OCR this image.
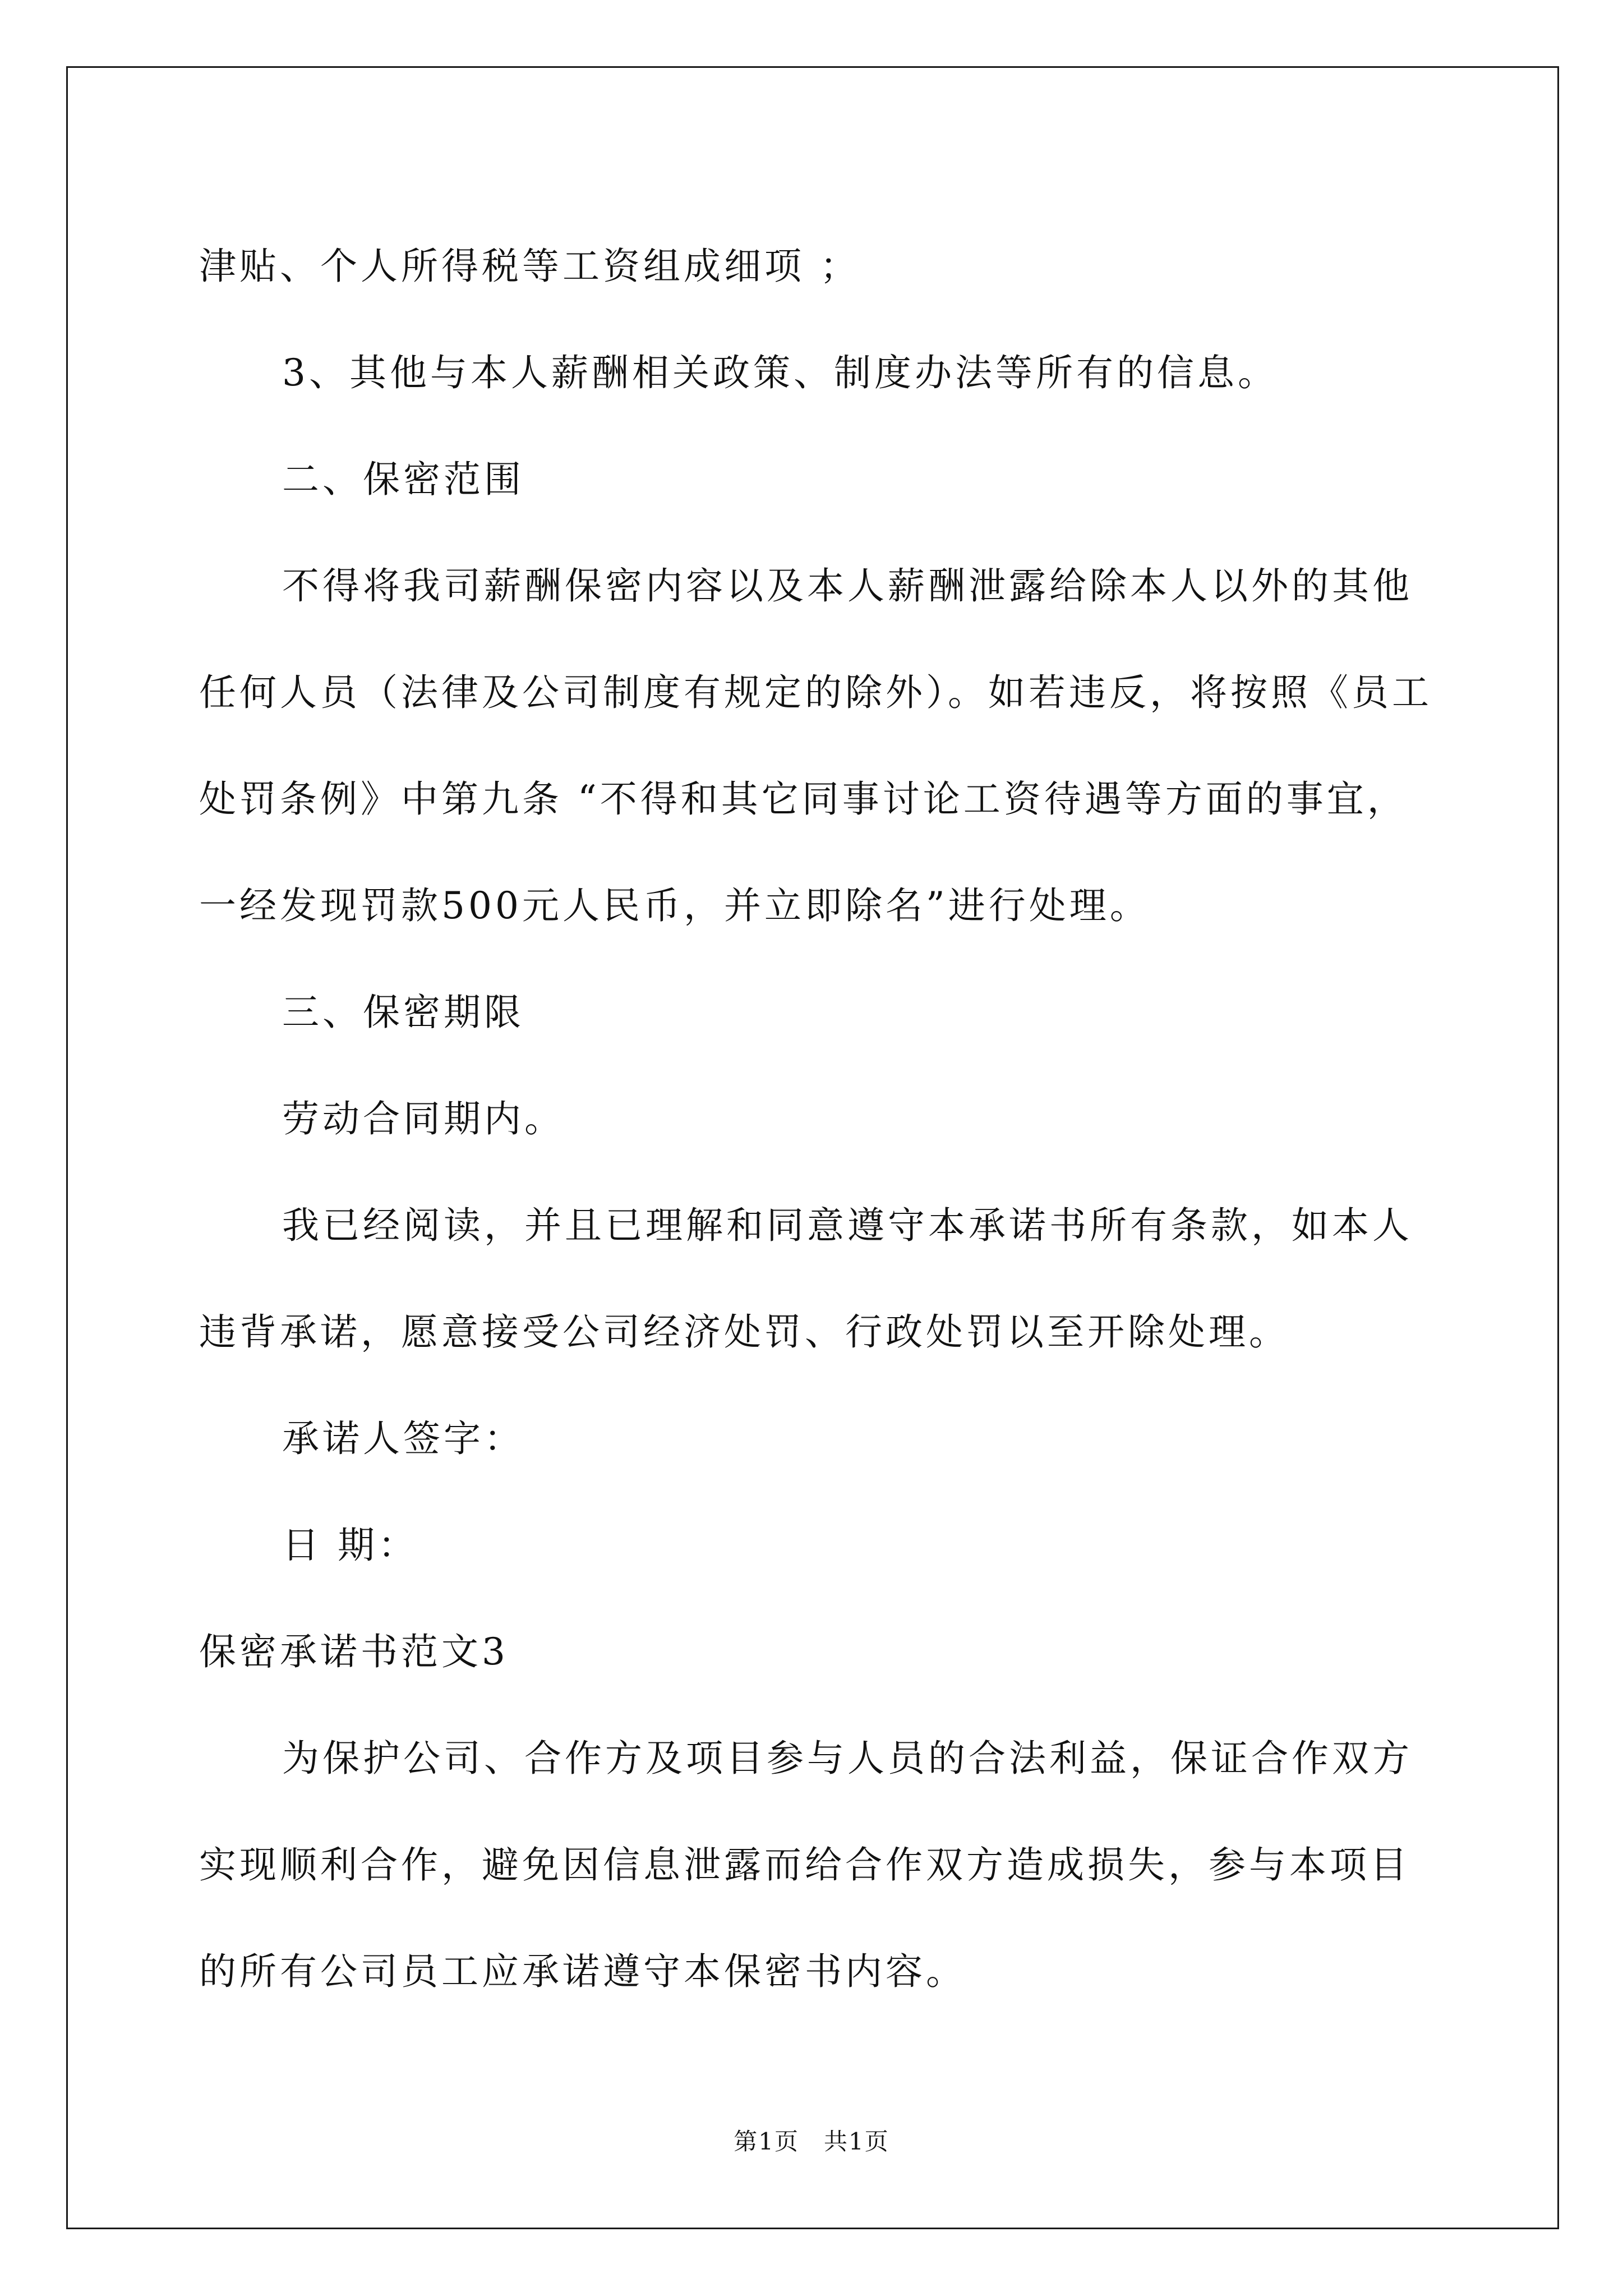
津贴、个人所得税等工资组成细项 ；
3、其他与本人薪酬相关政策、制度办法等所有的信息。
二、保密范围
不得将我司薪酬保密内容以及本人薪酬泄露给除本人以外的其他
任何人员（法律及公司制度有规定的除外）。如若违反，将按照《员工
处罚条例》中第九条 “不得和其它同事讨论工资待遇等方面的事宜，
一经发现罚款500元人民币，并立即除名”进行处理。
三、保密期限
劳动合同期内。
我已经阅读，并且已理解和同意遵守本承诺书所有条款，如本人
违背承诺，愿意接受公司经济处罚、行政处罚以至开除处理。
承诺人签字：
日 期：
保密承诺书范文3
为保护公司、合作方及项目参与人员的合法利益，保证合作双方
实现顺利合作，避免因信息泄露而给合作双方造成损失，参与本项目
的所有公司员工应承诺遵守本保密书内容。
第1页　共1页
